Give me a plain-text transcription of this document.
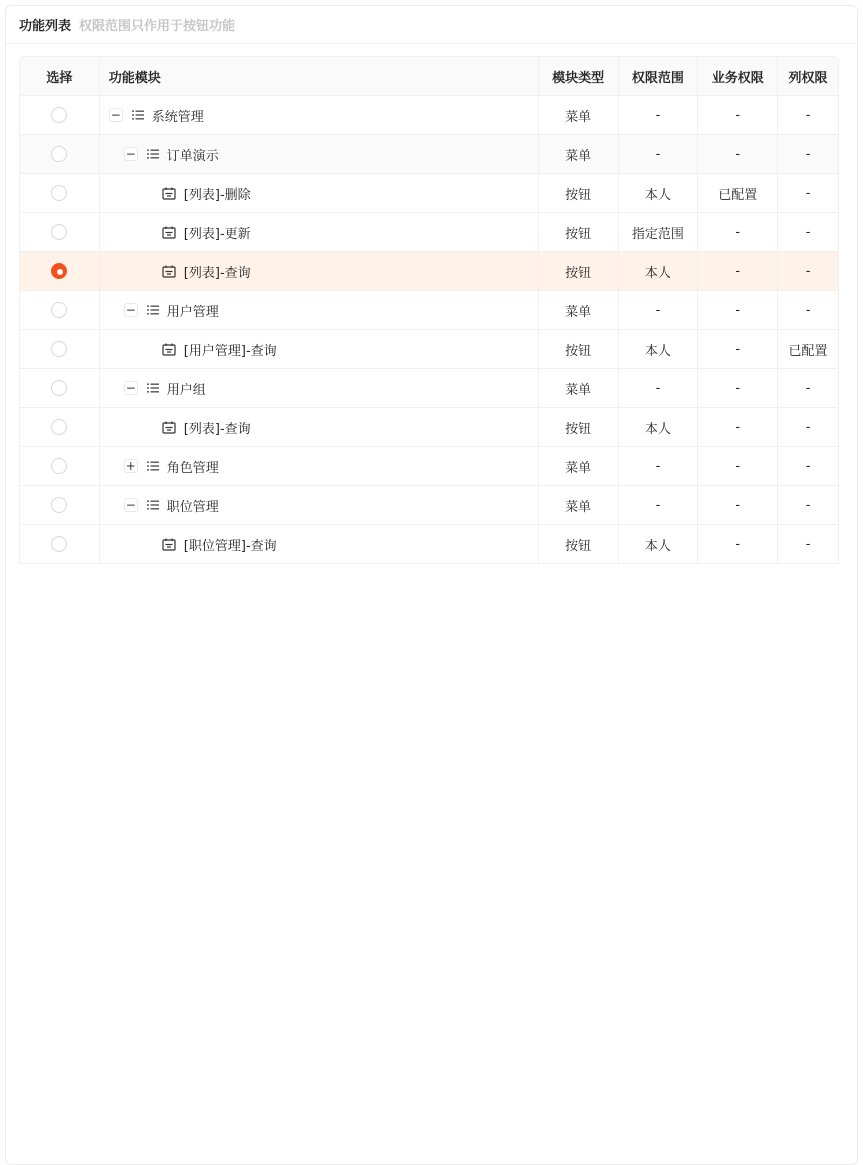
功能列表 权限范围只作用于按钮功能
选择	功能模块	模块类型	权限范围	业务权限	列权限
− 系统管理	菜单	-	-	-
− 订单演示	菜单	-	-	-
[列表]-删除	按钮	本人	已配置	-
[列表]-更新	按钮	指定范围	-	-
[列表]-查询	按钮	本人	-	-
− 用户管理	菜单	-	-	-
[用户管理]-查询	按钮	本人	-	已配置
− 用户组	菜单	-	-	-
[列表]-查询	按钮	本人	-	-
+ 角色管理	菜单	-	-	-
− 职位管理	菜单	-	-	-
[职位管理]-查询	按钮	本人	-	-
